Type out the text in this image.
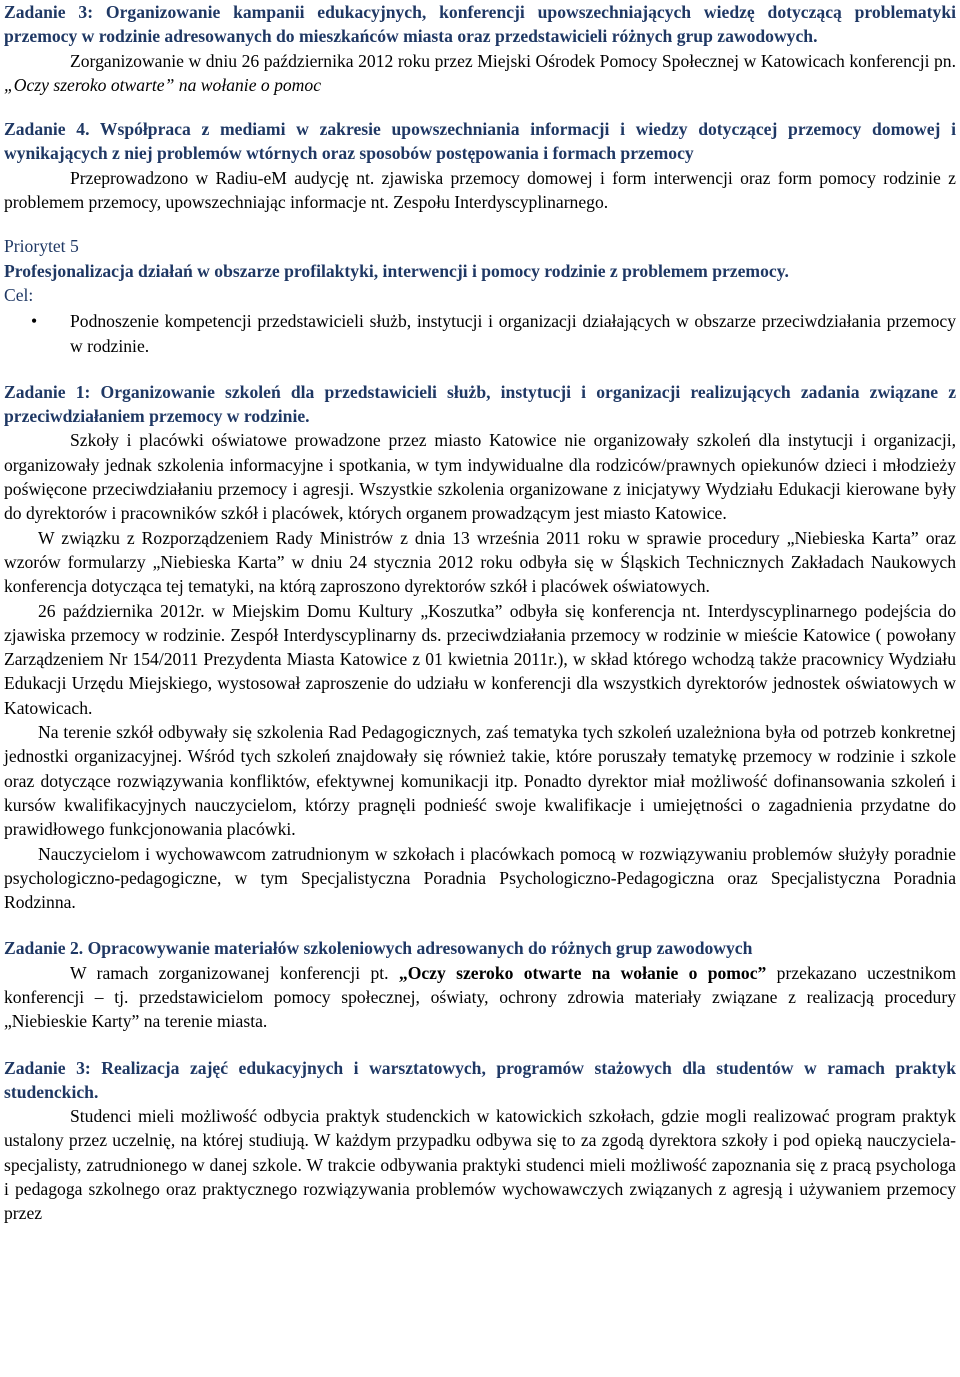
Zadanie 3: Organizowanie kampanii edukacyjnych, konferencji upowszechniających wiedzę dotyczącą problematyki przemocy w rodzinie adresowanych do mieszkańców miasta oraz przedstawicieli różnych grup zawodowych.

Zorganizowanie w dniu 26 października 2012 roku przez Miejski Ośrodek Pomocy Społecznej w Katowicach konferencji pn. „Oczy szeroko otwarte” na wołanie o pomoc

Zadanie 4. Współpraca z mediami w zakresie upowszechniania informacji i wiedzy dotyczącej przemocy domowej i wynikających z niej problemów wtórnych oraz sposobów postępowania i formach przemocy

Przeprowadzono w Radiu-eM audycję nt. zjawiska przemocy domowej i form interwencji oraz form pomocy rodzinie z problemem przemocy, upowszechniając informacje nt. Zespołu Interdyscyplinarnego.

Priorytet 5

Profesjonalizacja działań w obszarze profilaktyki, interwencji i pomocy rodzinie z problemem przemocy.

Cel:

• Podnoszenie kompetencji przedstawicieli służb, instytucji i organizacji działających w obszarze przeciwdziałania przemocy w rodzinie.

Zadanie 1: Organizowanie szkoleń dla przedstawicieli służb, instytucji i organizacji realizujących zadania związane z przeciwdziałaniem przemocy w rodzinie.

Szkoły i placówki oświatowe prowadzone przez miasto Katowice nie organizowały szkoleń dla instytucji i organizacji, organizowały jednak szkolenia informacyjne i spotkania, w tym indywidualne dla rodziców/prawnych opiekunów dzieci i młodzieży poświęcone przeciwdziałaniu przemocy i agresji. Wszystkie szkolenia organizowane z inicjatywy Wydziału Edukacji kierowane były do dyrektorów i pracowników szkół i placówek, których organem prowadzącym jest miasto Katowice.

W związku z Rozporządzeniem Rady Ministrów z dnia 13 września 2011 roku w sprawie procedury „Niebieska Karta” oraz wzorów formularzy „Niebieska Karta” w dniu 24 stycznia 2012 roku odbyła się w Śląskich Technicznych Zakładach Naukowych konferencja dotycząca tej tematyki, na którą zaproszono dyrektorów szkół i placówek oświatowych.

26 października 2012r. w Miejskim Domu Kultury „Koszutka” odbyła się konferencja nt. Interdyscyplinarnego podejścia do zjawiska przemocy w rodzinie. Zespół Interdyscyplinarny ds. przeciwdziałania przemocy w rodzinie w mieście Katowice ( powołany Zarządzeniem Nr 154/2011 Prezydenta Miasta Katowice z 01 kwietnia 2011r.), w skład którego wchodzą także pracownicy Wydziału Edukacji Urzędu Miejskiego, wystosował zaproszenie do udziału w konferencji dla wszystkich dyrektorów jednostek oświatowych w Katowicach.

Na terenie szkół odbywały się szkolenia Rad Pedagogicznych, zaś tematyka tych szkoleń uzależniona była od potrzeb konkretnej jednostki organizacyjnej. Wśród tych szkoleń znajdowały się również takie, które poruszały tematykę przemocy w rodzinie i szkole oraz dotyczące rozwiązywania konfliktów, efektywnej komunikacji itp. Ponadto dyrektor miał możliwość dofinansowania szkoleń i kursów kwalifikacyjnych nauczycielom, którzy pragnęli podnieść swoje kwalifikacje i umiejętności o zagadnienia przydatne do prawidłowego funkcjonowania placówki.

Nauczycielom i wychowawcom zatrudnionym w szkołach i placówkach pomocą w rozwiązywaniu problemów służyły poradnie psychologiczno-pedagogiczne, w tym Specjalistyczna Poradnia Psychologiczno-Pedagogiczna oraz Specjalistyczna Poradnia Rodzinna.

Zadanie 2. Opracowywanie materiałów szkoleniowych adresowanych do różnych grup zawodowych

W ramach zorganizowanej konferencji pt. „Oczy szeroko otwarte na wołanie o pomoc” przekazano uczestnikom konferencji – tj. przedstawicielom pomocy społecznej, oświaty, ochrony zdrowia materiały związane z realizacją procedury „Niebieskie Karty” na terenie miasta.

Zadanie 3: Realizacja zajęć edukacyjnych i warsztatowych, programów stażowych dla studentów w ramach praktyk studenckich.

Studenci mieli możliwość odbycia praktyk studenckich w katowickich szkołach, gdzie mogli realizować program praktyk ustalony przez uczelnię, na której studiują. W każdym przypadku odbywa się to za zgodą dyrektora szkoły i pod opieką nauczyciela-specjalisty, zatrudnionego w danej szkole. W trakcie odbywania praktyki studenci mieli możliwość zapoznania się z pracą psychologa i pedagoga szkolnego oraz praktycznego rozwiązywania problemów wychowawczych związanych z agresją i używaniem przemocy przez
